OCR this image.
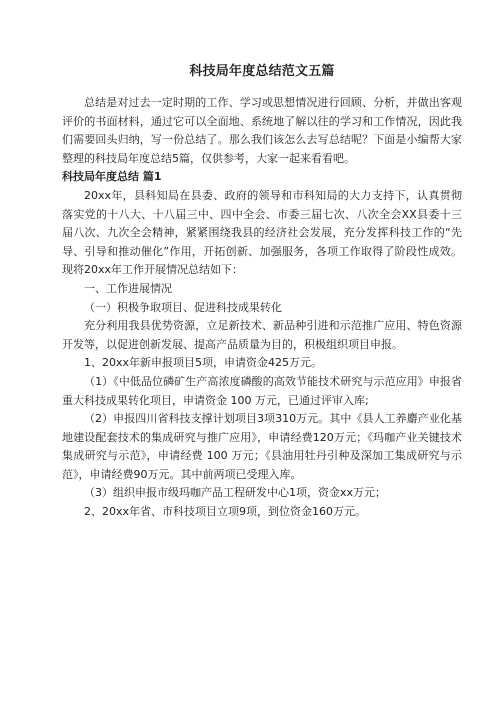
科技局年度总结范文五篇

总结是对过去一定时期的工作、学习或思想情况进行回顾、分析，并做出客观评价的书面材料，通过它可以全面地、系统地了解以往的学习和工作情况，因此我们需要回头归纳，写一份总结了。那么我们该怎么去写总结呢？下面是小编帮大家整理的科技局年度总结5篇，仅供参考，大家一起来看看吧。

科技局年度总结 篇1

20xx年，县科知局在县委、政府的领导和市科知局的大力支持下，认真贯彻落实党的十八大、十八届三中、四中全会、市委三届七次、八次全会XX县委十三届八次、九次全会精神，紧紧围绕我县的经济社会发展，充分发挥科技工作的“先导、引导和推动催化”作用，开拓创新、加强服务，各项工作取得了阶段性成效。现将20xx年工作开展情况总结如下：

一、工作进展情况

（一）积极争取项目、促进科技成果转化

充分利用我县优势资源，立足新技术、新品种引进和示范推广应用、特色资源开发等，以促进创新发展、提高产品质量为目的，积极组织项目申报。

1、20xx年新申报项目5项，申请资金425万元。

（1）《中低品位磷矿生产高浓度磷酸的高效节能技术研究与示范应用》申报省重大科技成果转化项目，申请资金 100 万元，已通过评审入库;

（2）申报四川省科技支撑计划项目3项310万元。其中《县人工养麝产业化基地建设配套技术的集成研究与推广应用》，申请经费120万元；《玛咖产业关键技术集成研究与示范》，申请经费 100 万元；《县油用牡丹引种及深加工集成研究与示范》，申请经费90万元。其中前两项已受理入库。

（3）组织申报市级玛咖产品工程研发中心1项，资金xx万元；

2、20xx年省、市科技项目立项9项，到位资金160万元。
